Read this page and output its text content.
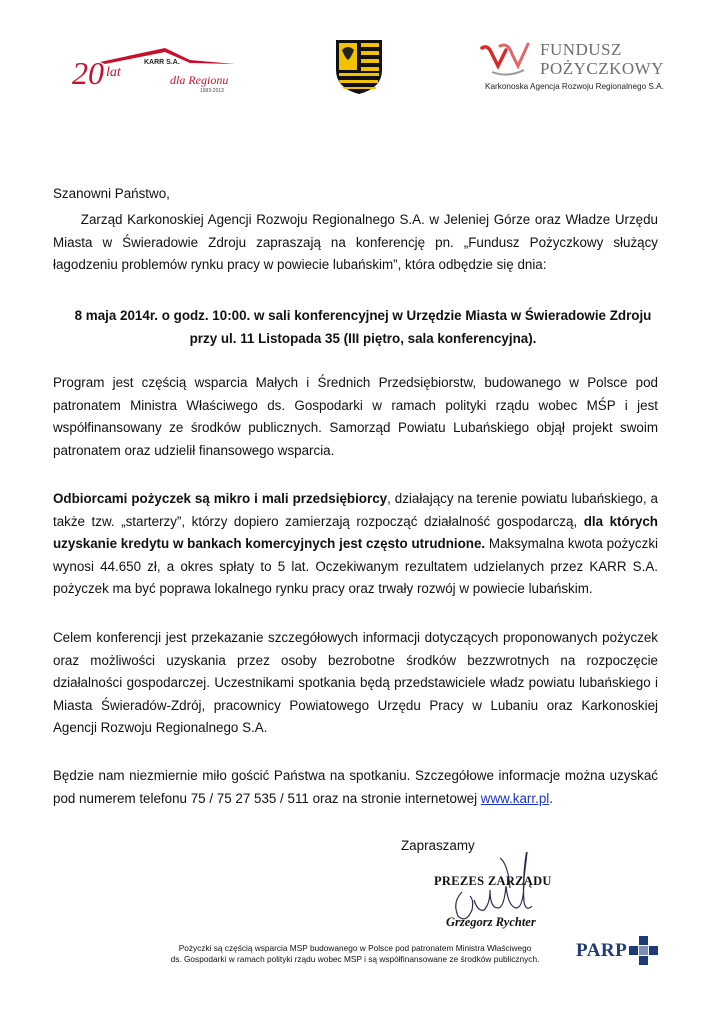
20 lat
KARR S.A.
dla Regionu
1993-2013
FUNDUSZ
POŻYCZKOWY
Karkonoska Agencja Rozwoju Regionalnego S.A.
Szanowni Państwo,
Zarząd Karkonoskiej Agencji Rozwoju Regionalnego S.A. w Jeleniej Górze oraz Władze Urzędu
Miasta w Świeradowie Zdroju zapraszają na konferencję pn. „Fundusz Pożyczkowy służący
łagodzeniu problemów rynku pracy w powiecie lubańskim”, która odbędzie się dnia:
8 maja 2014r. o godz. 10:00. w sali konferencyjnej w Urzędzie Miasta w Świeradowie Zdroju
przy ul. 11 Listopada 35 (III piętro, sala konferencyjna).
Program jest częścią wsparcia Małych i Średnich Przedsiębiorstw, budowanego w Polsce pod
patronatem Ministra Właściwego ds. Gospodarki w ramach polityki rządu wobec MŚP i jest
współfinansowany ze środków publicznych. Samorząd Powiatu Lubańskiego objął projekt swoim
patronatem oraz udzielił finansowego wsparcia.
Odbiorcami pożyczek są mikro i mali przedsiębiorcy, działający na terenie powiatu lubańskiego, a
także tzw. „starterzy”, którzy dopiero zamierzają rozpocząć działalność gospodarczą, dla których
uzyskanie kredytu w bankach komercyjnych jest często utrudnione. Maksymalna kwota pożyczki
wynosi 44.650 zł, a okres spłaty to 5 lat. Oczekiwanym rezultatem udzielanych przez KARR S.A.
pożyczek ma być poprawa lokalnego rynku pracy oraz trwały rozwój w powiecie lubańskim.
Celem konferencji jest przekazanie szczegółowych informacji dotyczących proponowanych pożyczek
oraz możliwości uzyskania przez osoby bezrobotne środków bezzwrotnych na rozpoczęcie
działalności gospodarczej. Uczestnikami spotkania będą przedstawiciele władz powiatu lubańskiego i
Miasta Świeradów-Zdrój, pracownicy Powiatowego Urzędu Pracy w Lubaniu oraz Karkonoskiej
Agencji Rozwoju Regionalnego S.A.
Będzie nam niezmiernie miło gościć Państwa na spotkaniu. Szczegółowe informacje można uzyskać
pod numerem telefonu 75 / 75 27 535 / 511 oraz na stronie internetowej www.karr.pl.
Zapraszamy
PREZES ZARZĄDU
Grzegorz Rychter
Pożyczki są częścią wsparcia MSP budowanego w Polsce pod patronatem Ministra Właściwego
ds. Gospodarki w ramach polityki rządu wobec MSP i są współfinansowane ze środków publicznych. PARP
